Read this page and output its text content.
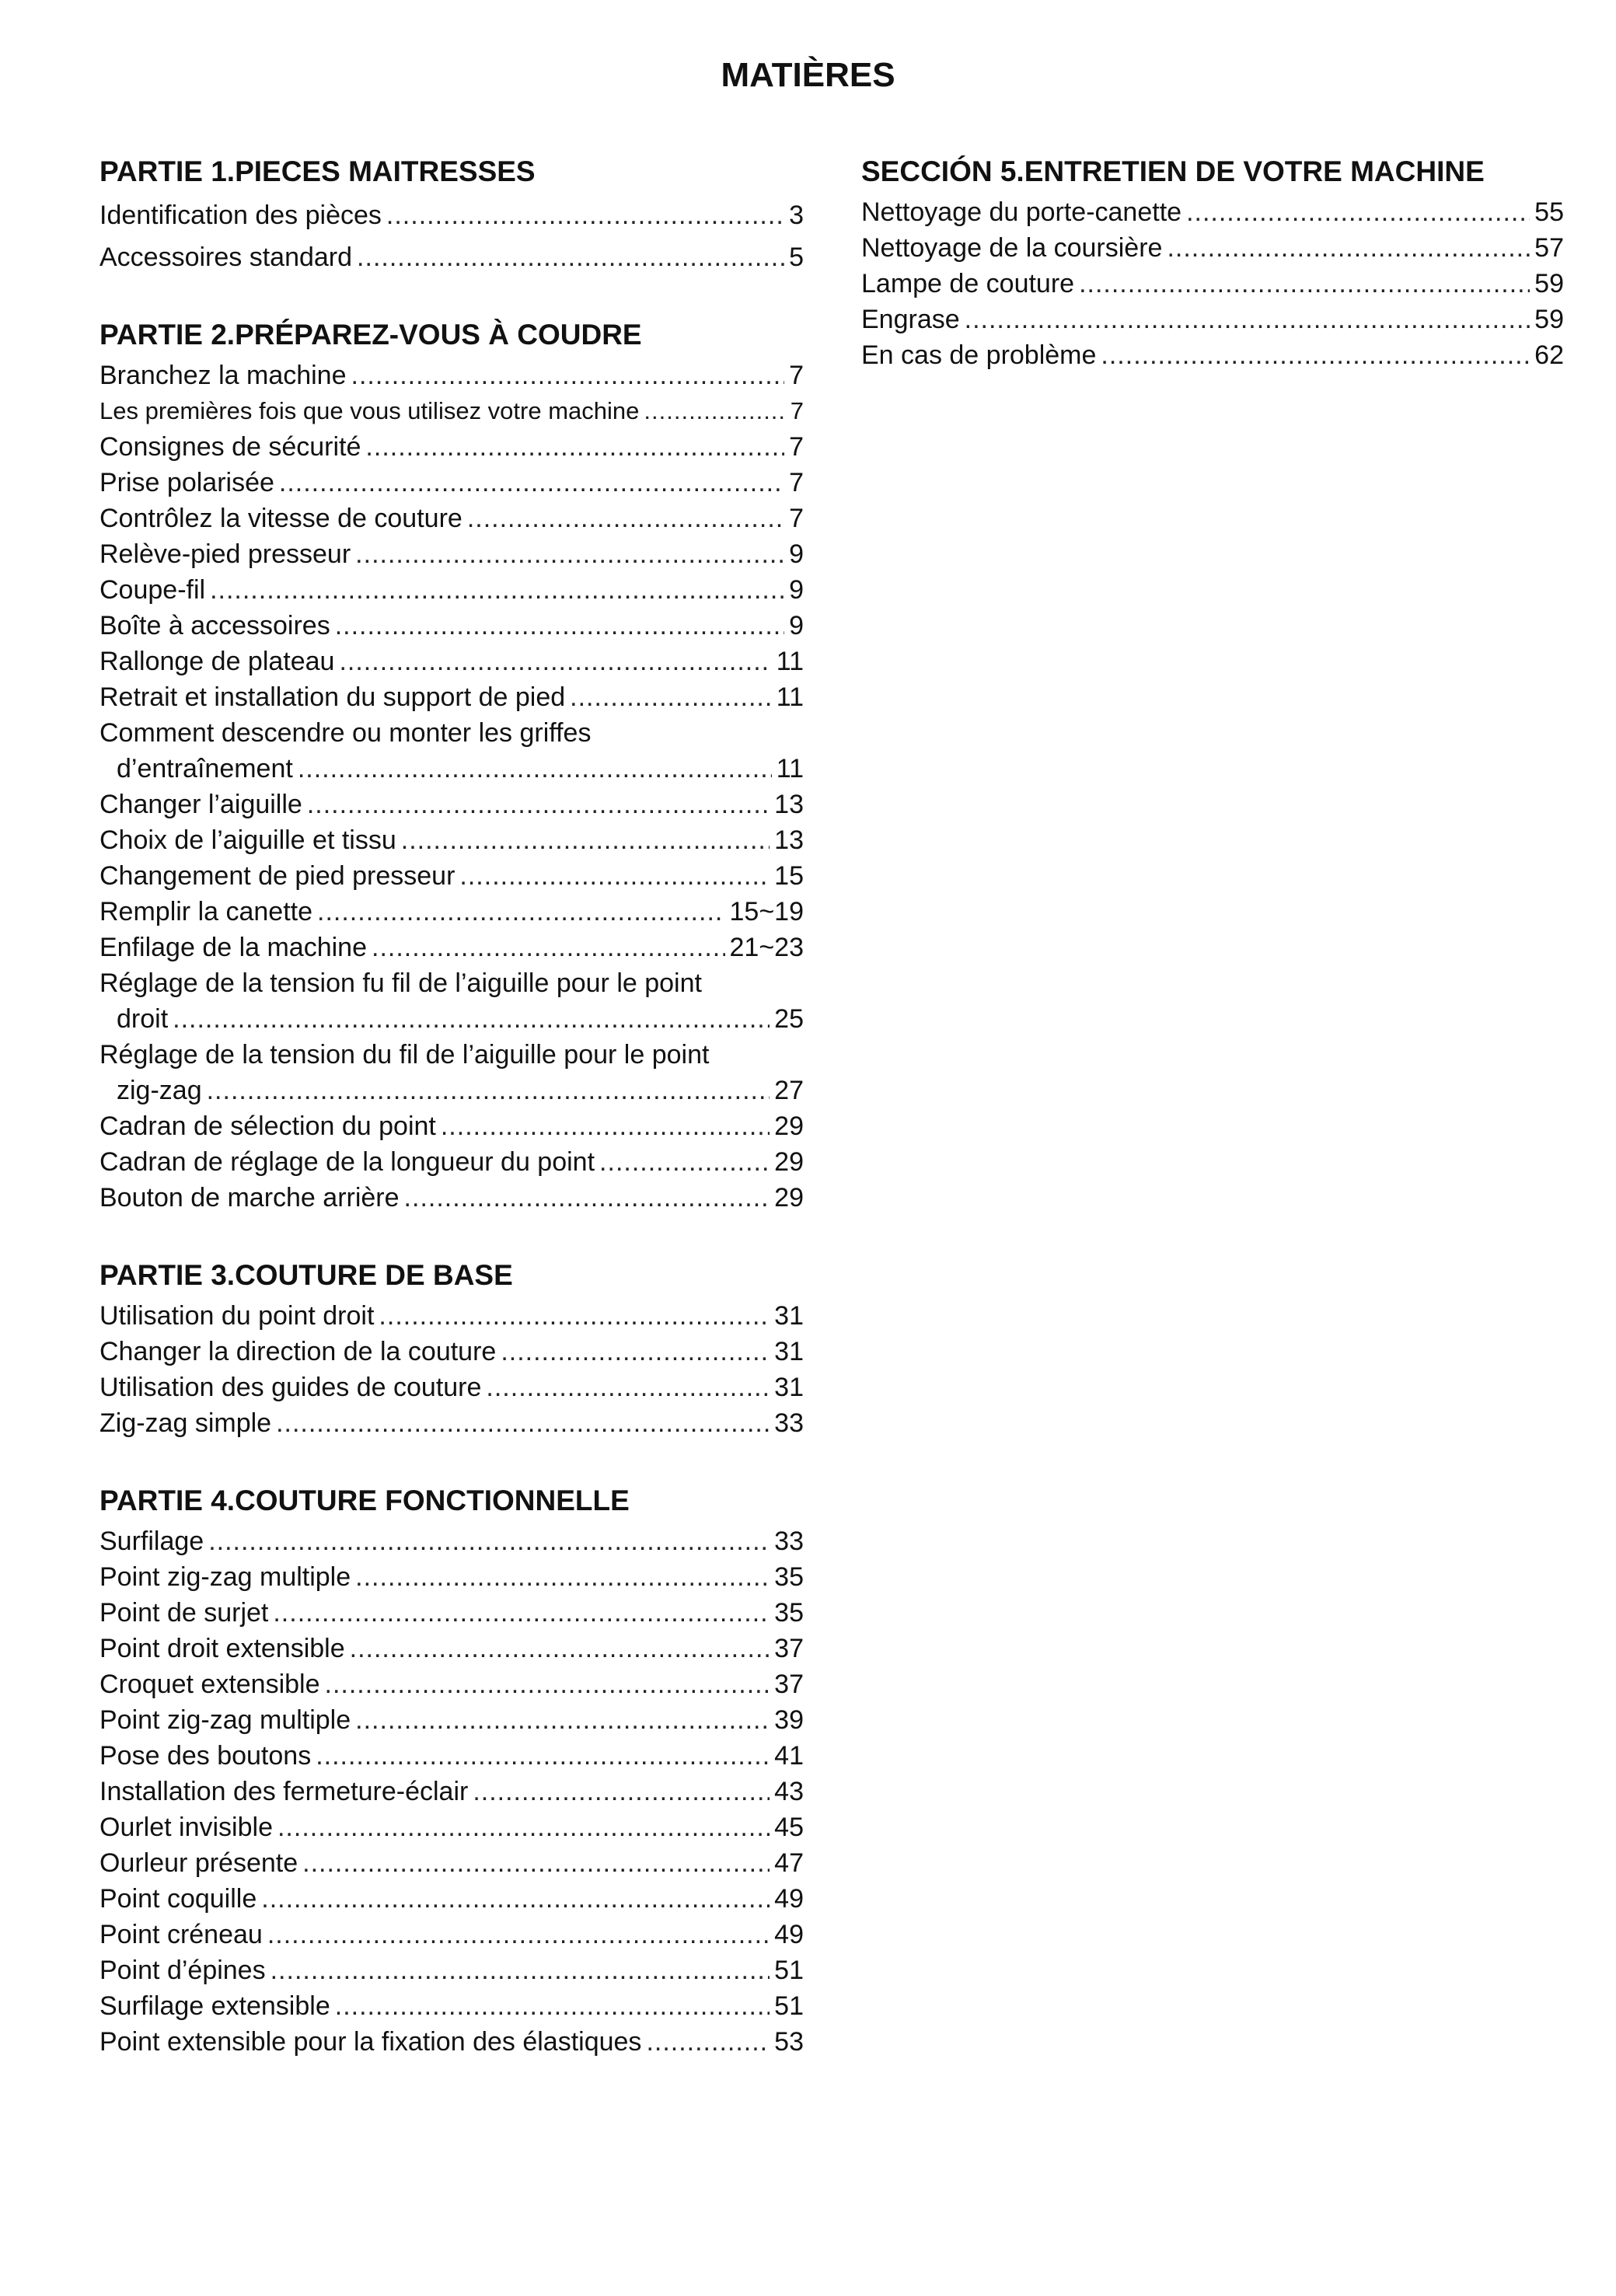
MATIÈRES
PARTIE 1.PIECES MAITRESSES
Identification des pièces .....	3
Accessoires standard .....	5
PARTIE 2.PRÉPAREZ-VOUS À COUDRE
Branchez la machine .....	7
Les premières fois que vous utilisez votre machine .....	7
Consignes de sécurité .....	7
Prise polarisée .....	7
Contrôlez la vitesse de couture .....	7
Relève-pied presseur .....	9
Coupe-fil .....	9
Boîte à accessoires .....	9
Rallonge de plateau .....	11
Retrait et installation du support de pied .....	11
Comment descendre ou monter les griffes
d’entraînement .....	11
Changer l’aiguille .....	13
Choix de l’aiguille et tissu .....	13
Changement de pied presseur .....	15
Remplir la canette .....	15~19
Enfilage de la machine .....	21~23
Réglage de la tension fu fil de l’aiguille pour le point
droit .....	25
Réglage de la tension du fil de l’aiguille pour le point
zig-zag .....	27
Cadran de sélection du point .....	29
Cadran de réglage de la longueur du point .....	29
Bouton de marche arrière .....	29
PARTIE 3.COUTURE DE BASE
Utilisation du point droit .....	31
Changer la direction de la couture .....	31
Utilisation des guides de couture .....	31
Zig-zag simple .....	33
PARTIE 4.COUTURE FONCTIONNELLE
Surfilage .....	33
Point zig-zag multiple .....	35
Point de surjet .....	35
Point droit extensible .....	37
Croquet extensible .....	37
Point zig-zag multiple .....	39
Pose des boutons .....	41
Installation des fermeture-éclair .....	43
Ourlet invisible .....	45
Ourleur présente .....	47
Point coquille .....	49
Point créneau .....	49
Point d’épines .....	51
Surfilage extensible .....	51
Point extensible pour la fixation des élastiques .....	53
SECCIÓN 5.ENTRETIEN DE VOTRE MACHINE
Nettoyage du porte-canette .....	55
Nettoyage de la coursière .....	57
Lampe de couture .....	59
Engrase .....	59
En cas de problème .....	62
